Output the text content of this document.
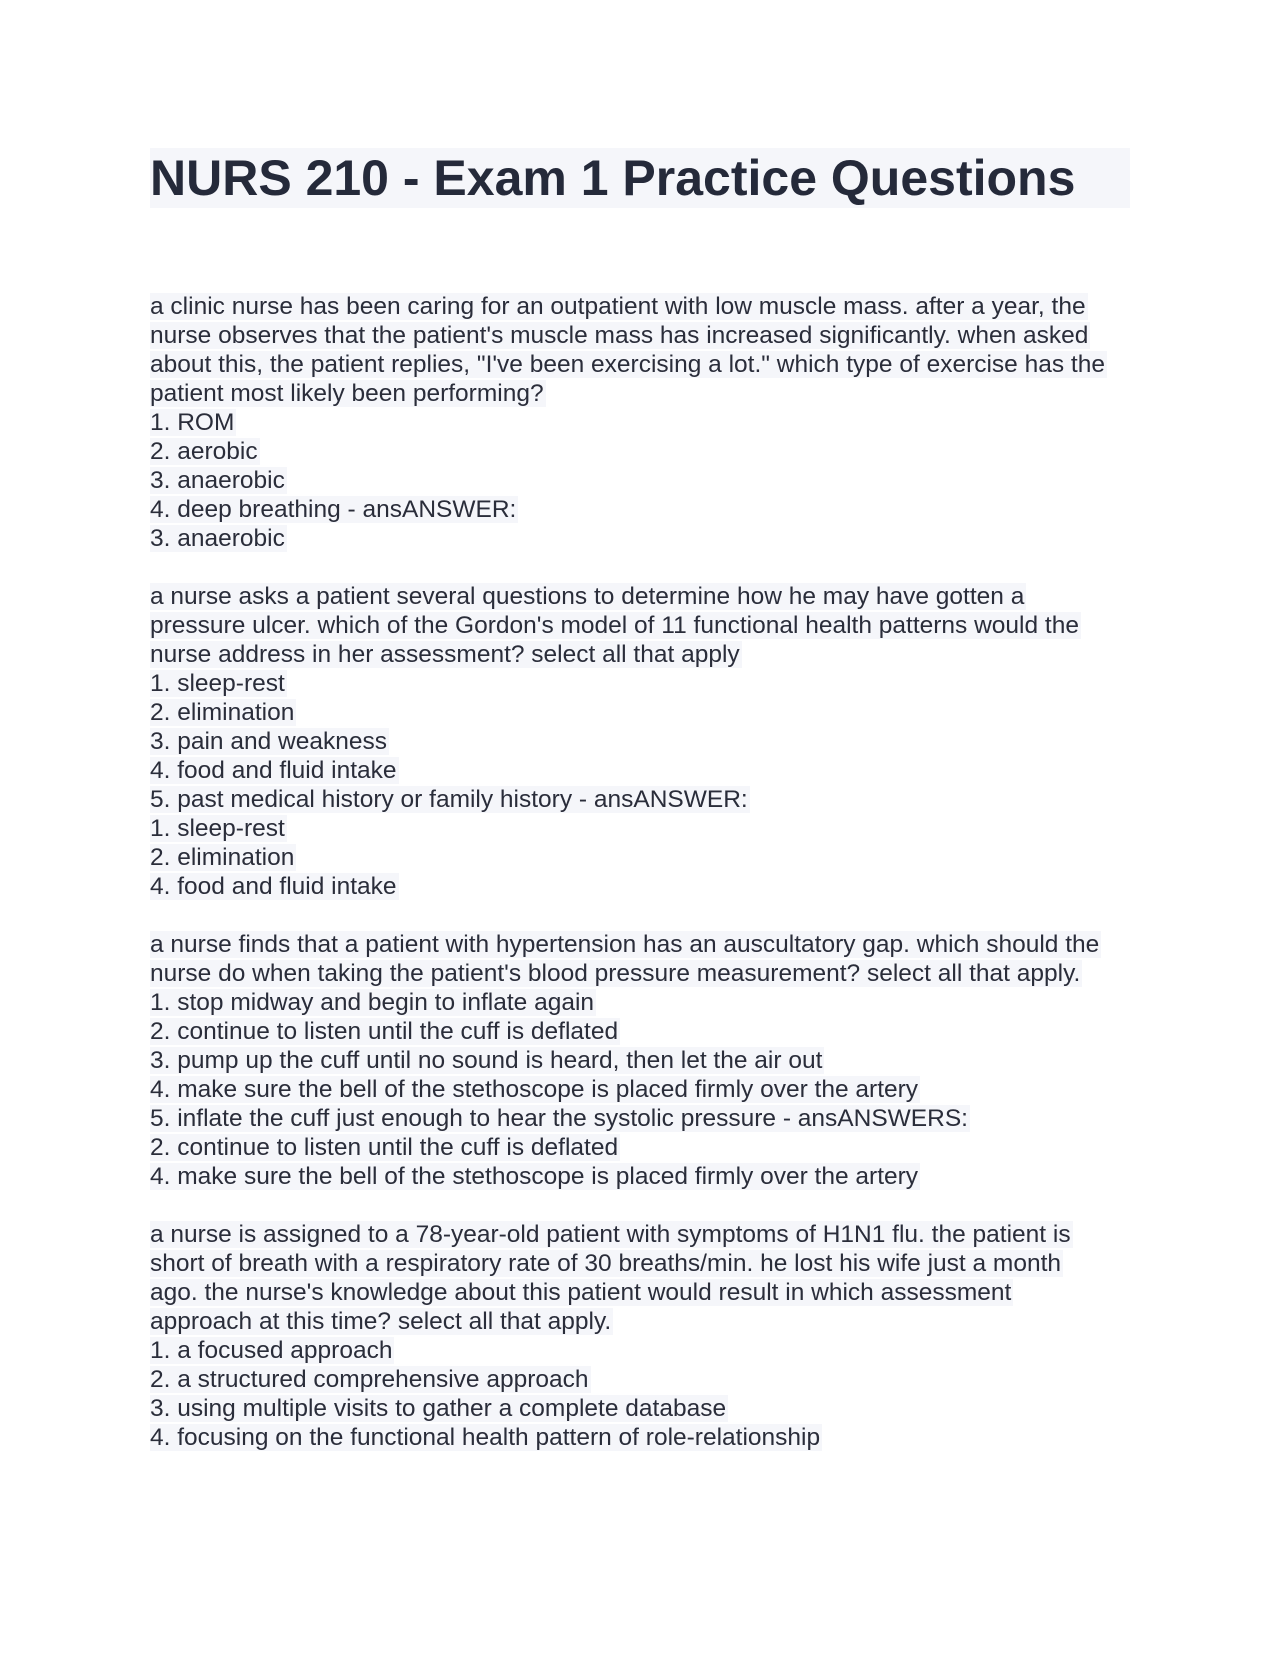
NURS 210 - Exam 1 Practice Questions
a clinic nurse has been caring for an outpatient with low muscle mass. after a year, the
nurse observes that the patient's muscle mass has increased significantly. when asked
about this, the patient replies, "I've been exercising a lot." which type of exercise has the
patient most likely been performing?
1. ROM
2. aerobic
3. anaerobic
4. deep breathing - ansANSWER:
3. anaerobic
a nurse asks a patient several questions to determine how he may have gotten a
pressure ulcer. which of the Gordon's model of 11 functional health patterns would the
nurse address in her assessment? select all that apply
1. sleep-rest
2. elimination
3. pain and weakness
4. food and fluid intake
5. past medical history or family history - ansANSWER:
1. sleep-rest
2. elimination
4. food and fluid intake
a nurse finds that a patient with hypertension has an auscultatory gap. which should the
nurse do when taking the patient's blood pressure measurement? select all that apply.
1. stop midway and begin to inflate again
2. continue to listen until the cuff is deflated
3. pump up the cuff until no sound is heard, then let the air out
4. make sure the bell of the stethoscope is placed firmly over the artery
5. inflate the cuff just enough to hear the systolic pressure - ansANSWERS:
2. continue to listen until the cuff is deflated
4. make sure the bell of the stethoscope is placed firmly over the artery
a nurse is assigned to a 78-year-old patient with symptoms of H1N1 flu. the patient is
short of breath with a respiratory rate of 30 breaths/min. he lost his wife just a month
ago. the nurse's knowledge about this patient would result in which assessment
approach at this time? select all that apply.
1. a focused approach
2. a structured comprehensive approach
3. using multiple visits to gather a complete database
4. focusing on the functional health pattern of role-relationship
